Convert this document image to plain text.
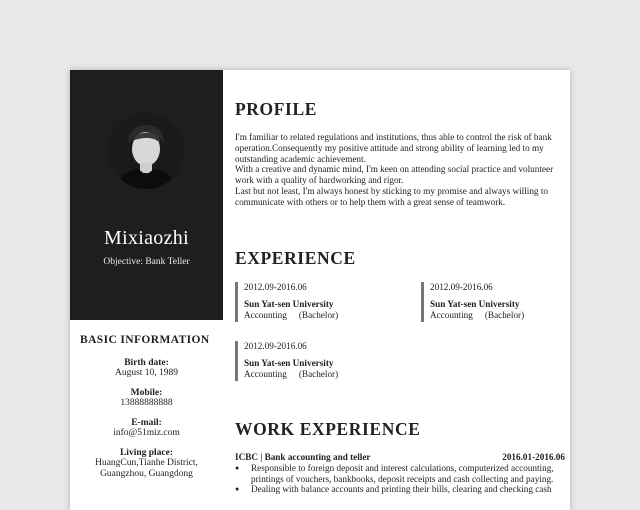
Mixiaozhi
Objective: Bank Teller
BASIC INFORMATION
Birth date:
August 10, 1989
Mobile:
13888888888
E-mail:
info@51miz.com
Living place:
HuangCun,Tianhe District,
Guangzhou, Guangdong
PROFILE

I'm familiar to related regulations and institutions, thus able to control the risk of bank operation.Consequently my positive attitude and strong ability of learning led to my outstanding academic achievement.

With a creative and dynamic mind, I'm keen on attending social practice and volunteer work with a quality of hardworking and rigor.

Last but not least, I'm always honest by sticking to my promise and always willing to communicate with others or to help them with a great sense of teamwork.

EXPERIENCE
2012.09-2016.06
Sun Yat-sen University
Accounting (Bachelor)
2012.09-2016.06
Sun Yat-sen University
Accounting (Bachelor)
2012.09-2016.06
Sun Yat-sen University
Accounting (Bachelor)
WORK EXPERIENCE
ICBC | Bank accounting and teller	2016.01-2016.06
● Responsible to foreign deposit and interest calculations, computerized accounting, printings of vouchers, bankbooks, deposit receipts and cash collecting and paying.
● Dealing with balance accounts and printing their bills, clearing and checking cash
